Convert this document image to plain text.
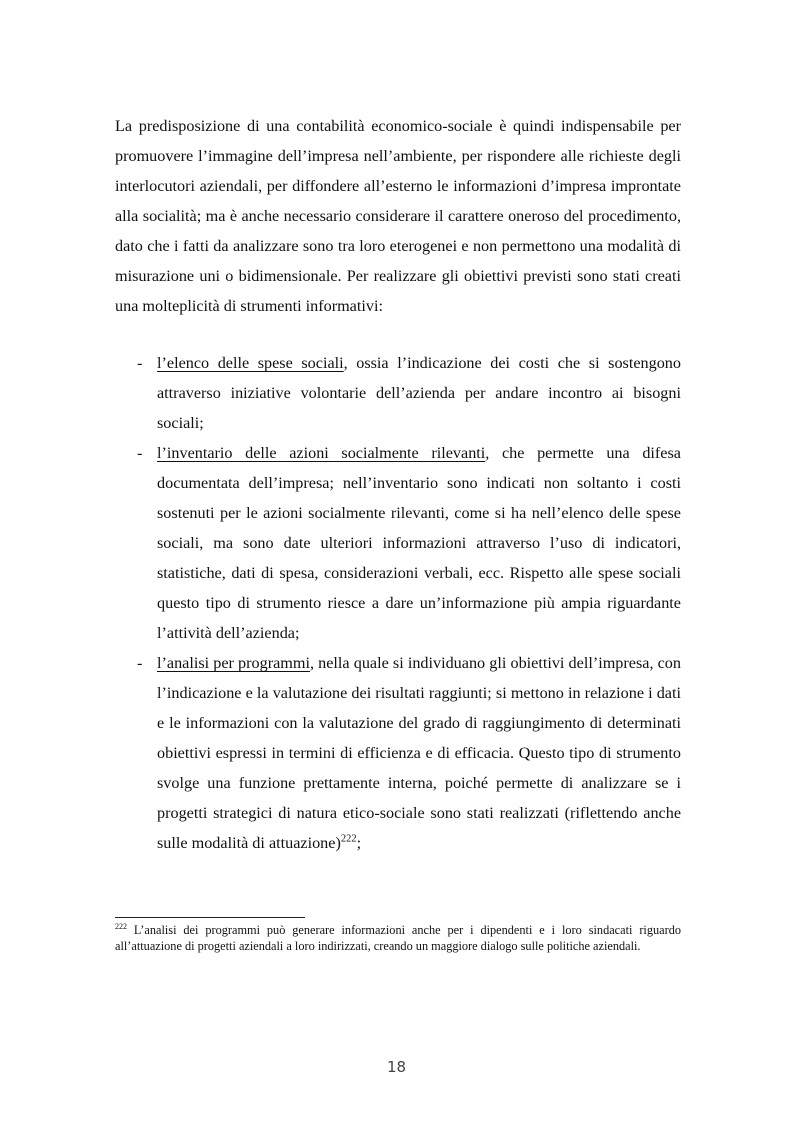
La predisposizione di una contabilità economico-sociale è quindi indispensabile per promuovere l’immagine dell’impresa nell’ambiente, per rispondere alle richieste degli interlocutori aziendali, per diffondere all’esterno le informazioni d’impresa improntate alla socialità; ma è anche necessario considerare il carattere oneroso del procedimento, dato che i fatti da analizzare sono tra loro eterogenei e non permettono una modalità di misurazione uni o bidimensionale. Per realizzare gli obiettivi previsti sono stati creati una molteplicità di strumenti informativi:

- l’elenco delle spese sociali, ossia l’indicazione dei costi che si sostengono attraverso iniziative volontarie dell’azienda per andare incontro ai bisogni sociali;
- l’inventario delle azioni socialmente rilevanti, che permette una difesa documentata dell’impresa; nell’inventario sono indicati non soltanto i costi sostenuti per le azioni socialmente rilevanti, come si ha nell’elenco delle spese sociali, ma sono date ulteriori informazioni attraverso l’uso di indicatori, statistiche, dati di spesa, considerazioni verbali, ecc. Rispetto alle spese sociali questo tipo di strumento riesce a dare un’informazione più ampia riguardante l’attività dell’azienda;
- l’analisi per programmi, nella quale si individuano gli obiettivi dell’impresa, con l’indicazione e la valutazione dei risultati raggiunti; si mettono in relazione i dati e le informazioni con la valutazione del grado di raggiungimento di determinati obiettivi espressi in termini di efficienza e di efficacia. Questo tipo di strumento svolge una funzione prettamente interna, poiché permette di analizzare se i progetti strategici di natura etico-sociale sono stati realizzati (riflettendo anche sulle modalità di attuazione)$^{222}$;

$^{222}$ L’analisi dei programmi può generare informazioni anche per i dipendenti e i loro sindacati riguardo all’attuazione di progetti aziendali a loro indirizzati, creando un maggiore dialogo sulle politiche aziendali.

18
